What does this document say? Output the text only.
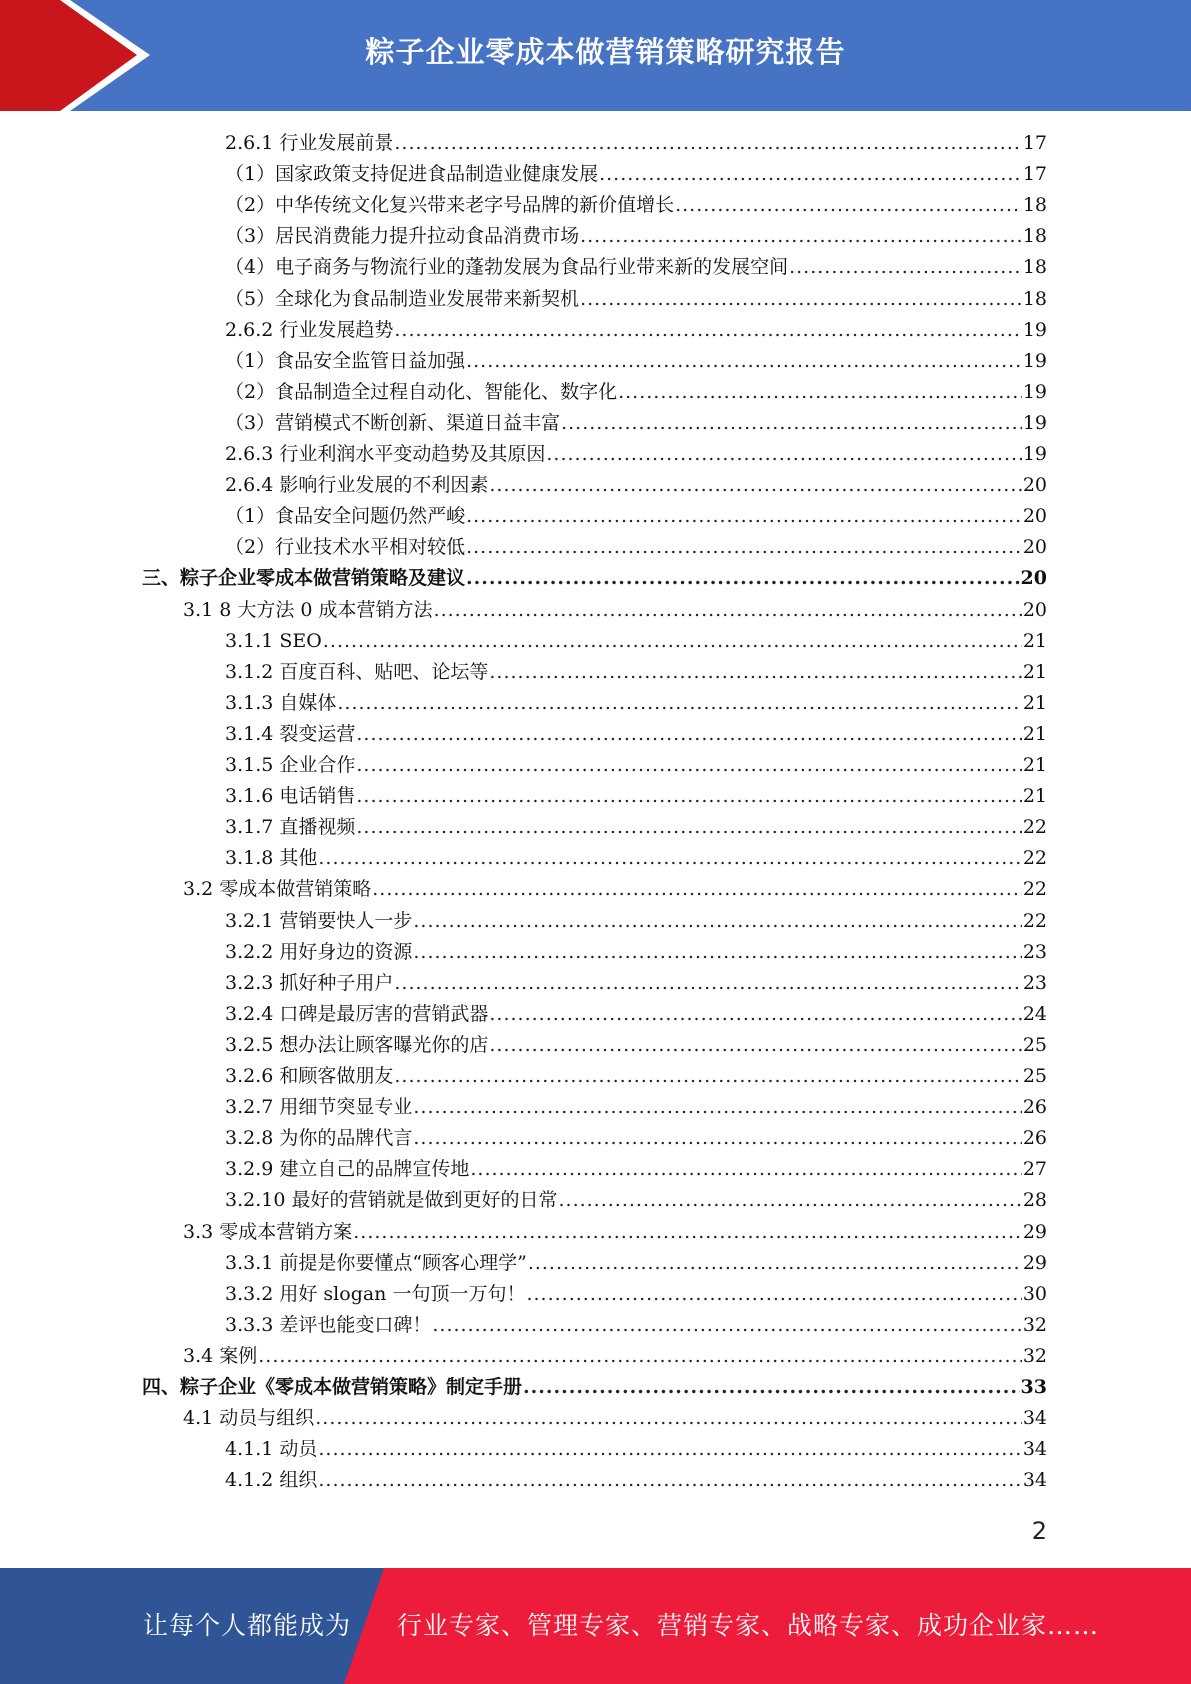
粽子企业零成本做营销策略研究报告
2.6.1 行业发展前景 .....	17
（1）国家政策支持促进食品制造业健康发展 .....	17
（2）中华传统文化复兴带来老字号品牌的新价值增长 .....	18
（3）居民消费能力提升拉动食品消费市场 .....	18
（4）电子商务与物流行业的蓬勃发展为食品行业带来新的发展空间 .....	18
（5）全球化为食品制造业发展带来新契机 .....	18
2.6.2 行业发展趋势 .....	19
（1）食品安全监管日益加强 .....	19
（2）食品制造全过程自动化、智能化、数字化 .....	19
（3）营销模式不断创新、渠道日益丰富 .....	19
2.6.3 行业利润水平变动趋势及其原因 .....	19
2.6.4 影响行业发展的不利因素 .....	20
（1）食品安全问题仍然严峻 .....	20
（2）行业技术水平相对较低 .....	20
三、粽子企业零成本做营销策略及建议 .....	20
3.1 8 大方法 0 成本营销方法 .....	20
3.1.1 SEO .....	21
3.1.2 百度百科、贴吧、论坛等 .....	21
3.1.3 自媒体 .....	21
3.1.4 裂变运营 .....	21
3.1.5 企业合作 .....	21
3.1.6 电话销售 .....	21
3.1.7 直播视频 .....	22
3.1.8 其他 .....	22
3.2 零成本做营销策略 .....	22
3.2.1 营销要快人一步 .....	22
3.2.2 用好身边的资源 .....	23
3.2.3 抓好种子用户 .....	23
3.2.4 口碑是最厉害的营销武器 .....	24
3.2.5 想办法让顾客曝光你的店 .....	25
3.2.6 和顾客做朋友 .....	25
3.2.7 用细节突显专业 .....	26
3.2.8 为你的品牌代言 .....	26
3.2.9 建立自己的品牌宣传地 .....	27
3.2.10 最好的营销就是做到更好的日常 .....	28
3.3 零成本营销方案 .....	29
3.3.1 前提是你要懂点“顾客心理学” .....	29
3.3.2 用好 slogan 一句顶一万句！ .....	30
3.3.3 差评也能变口碑！ .....	32
3.4 案例 .....	32
四、粽子企业《零成本做营销策略》制定手册 .....	33
4.1 动员与组织 .....	34
4.1.1 动员 .....	34
4.1.2 组织 .....	34
2
让每个人都能成为 行业专家、管理专家、营销专家、战略专家、成功企业家……
